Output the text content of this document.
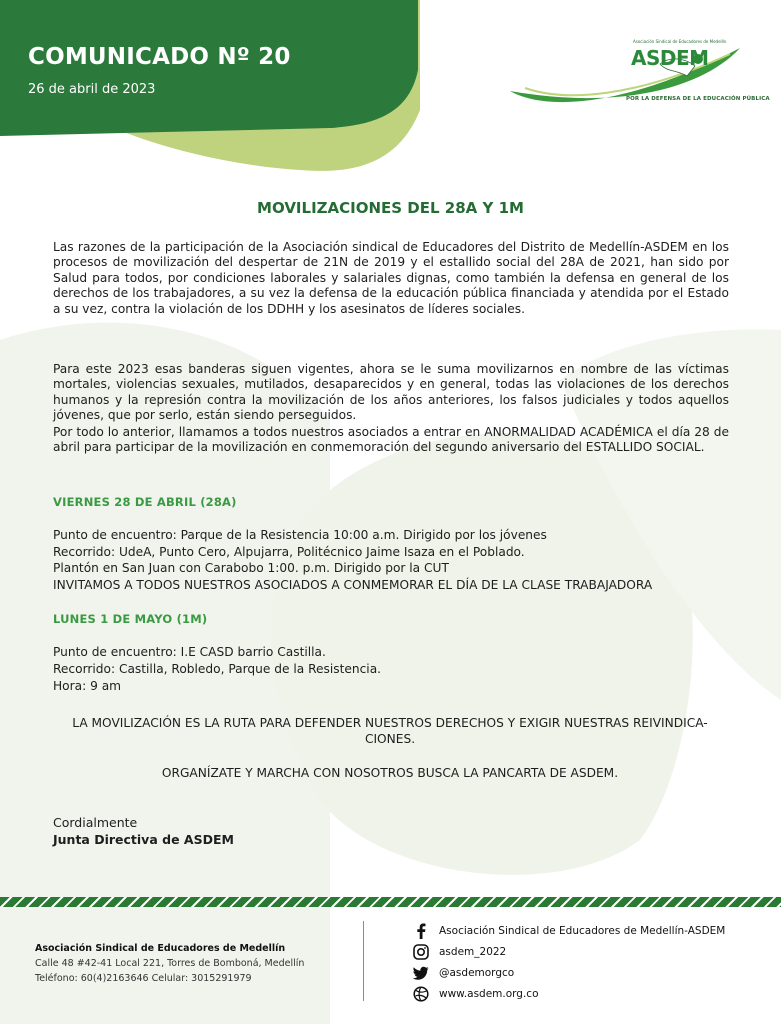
COMUNICADO Nº 20
26 de abril de 2023
Asociación Sindical de Educadores de Medellín
ASDEM
POR LA DEFENSA DE LA EDUCACIÓN PÚBLICA
MOVILIZACIONES DEL 28A Y 1M

Las razones de la participación de la Asociación sindical de Educadores del Distrito de Medellín-ASDEM en los procesos de movilización del despertar de 21N de 2019 y el estallido social del 28A de 2021, han sido por Salud para todos, por condiciones laborales y salariales dignas, como también la defensa en general de los derechos de los trabajadores, a su vez la defensa de la educación pública financiada y atendida por el Estado a su vez, contra la violación de los DDHH y los asesinatos de líderes sociales.

Para este 2023 esas banderas siguen vigentes, ahora se le suma movilizarnos en nombre de las víctimas mortales, violencias sexuales, mutilados, desaparecidos y en general, todas las violaciones de los derechos humanos y la represión contra la movilización de los años anteriores, los falsos judiciales y todos aquellos jóvenes, que por serlo, están siendo perseguidos.

Por todo lo anterior, llamamos a todos nuestros asociados a entrar en ANORMALIDAD ACADÉMICA el día 28 de abril para participar de la movilización en conmemoración del segundo aniversario del ESTALLIDO SOCIAL.

VIERNES 28 DE ABRIL (28A)
Punto de encuentro: Parque de la Resistencia 10:00 a.m. Dirigido por los jóvenes
Recorrido: UdeA, Punto Cero, Alpujarra, Politécnico Jaime Isaza en el Poblado.
Plantón en San Juan con Carabobo 1:00. p.m. Dirigido por la CUT
INVITAMOS A TODOS NUESTROS ASOCIADOS A CONMEMORAR EL DÍA DE LA CLASE TRABAJADORA
LUNES 1 DE MAYO (1M)
Punto de encuentro: I.E CASD barrio Castilla.
Recorrido: Castilla, Robledo, Parque de la Resistencia.
Hora: 9 am
LA MOVILIZACIÓN ES LA RUTA PARA DEFENDER NUESTROS DERECHOS Y EXIGIR NUESTRAS REIVINDICA-
CIONES.
ORGANÍZATE Y MARCHA CON NOSOTROS BUSCA LA PANCARTA DE ASDEM.
Cordialmente
Junta Directiva de ASDEM
Asociación Sindical de Educadores de Medellín
Calle 48 #42-41 Local 221, Torres de Bomboná, Medellín
Teléfono: 60(4)2163646 Celular: 3015291979
Asociación Sindical de Educadores de Medellín-ASDEM
asdem_2022
@asdemorgco
www.asdem.org.co
